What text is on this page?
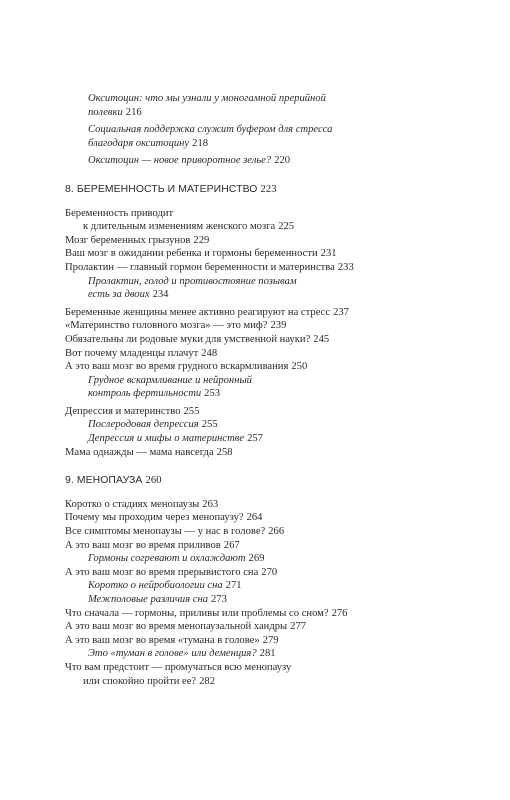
Окситоцин: что мы узнали у моногамной прерийной
полевки 216
Социальная поддержка служит буфером для стресса
благодаря окситоцину 218
Окситоцин — новое приворотное зелье? 220
8. БЕРЕМЕННОСТЬ И МАТЕРИНСТВО 223
Беременность приводит
к длительным изменениям женского мозга 225
Мозг беременных грызунов 229
Ваш мозг в ожидании ребенка и гормоны беременности 231
Пролактин — главный гормон беременности и материнства 233
Пролактин, голод и противостояние позывам
есть за двоих 234
Беременные женщины менее активно реагируют на стресс 237
«Материнство головного мозга» — это миф? 239
Обязательны ли родовые муки для умственной науки? 245
Вот почему младенцы плачут 248
А это ваш мозг во время грудного вскармливания 250
Грудное вскармливание и нейронный
контроль фертильности 253
Депрессия и материнство 255
Послеродовая депрессия 255
Депрессия и мифы о материнстве 257
Мама однажды — мама навсегда 258
9. МЕНОПАУЗА 260
Коротко о стадиях менопаузы 263
Почему мы проходим через менопаузу? 264
Все симптомы менопаузы — у нас в голове? 266
А это ваш мозг во время приливов 267
Гормоны согревают и охлаждают 269
А это ваш мозг во время прерывистого сна 270
Коротко о нейробиологии сна 271
Межполовые различия сна 273
Что сначала — гормоны, приливы или проблемы со сном? 276
А это ваш мозг во время менопаузальной хандры 277
А это ваш мозг во время «тумана в голове» 279
Это «туман в голове» или деменция? 281
Что вам предстоит — промучаться всю менопаузу
или спокойно пройти ее? 282
